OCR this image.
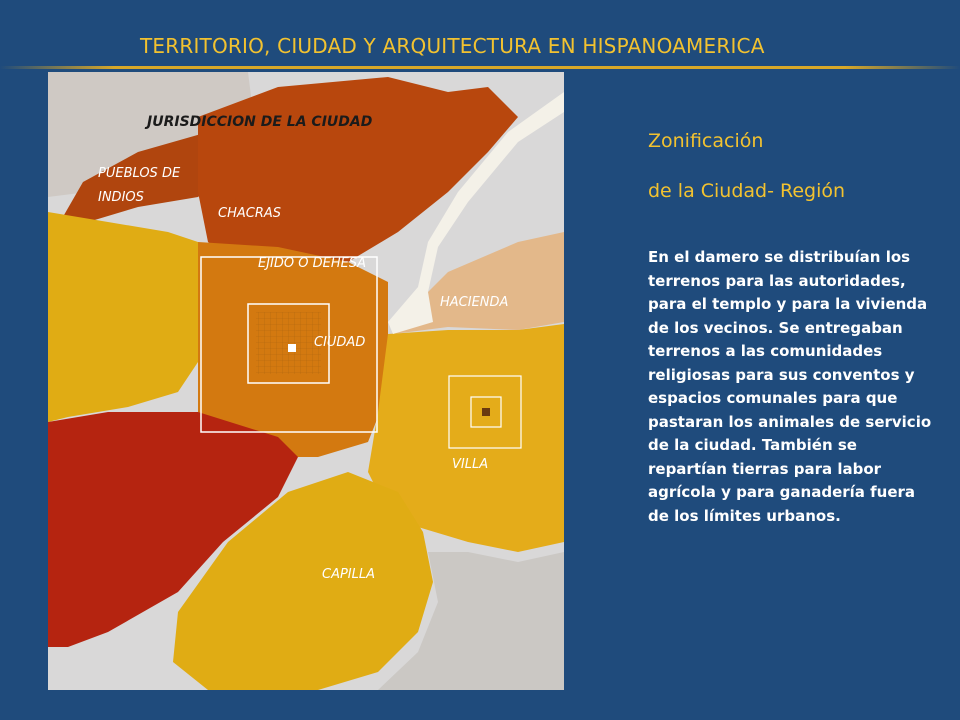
TERRITORIO, CIUDAD Y ARQUITECTURA EN HISPANOAMERICA
JURISDICCION DE LA CIUDAD
PUEBLOS DE
INDIOS
CHACRAS
EJIDO O DEHESA
HACIENDA
CIUDAD
VILLA
CAPILLA
Zonificación
de la Ciudad- Región
En el damero se distribuían los terrenos para las autoridades, para el templo y para la vivienda de los vecinos. Se entregaban terrenos a las comunidades religiosas para sus conventos y espacios comunales para que pastaran los animales de servicio de la ciudad. También se repartían tierras para labor agrícola y para ganadería fuera de los límites urbanos.
